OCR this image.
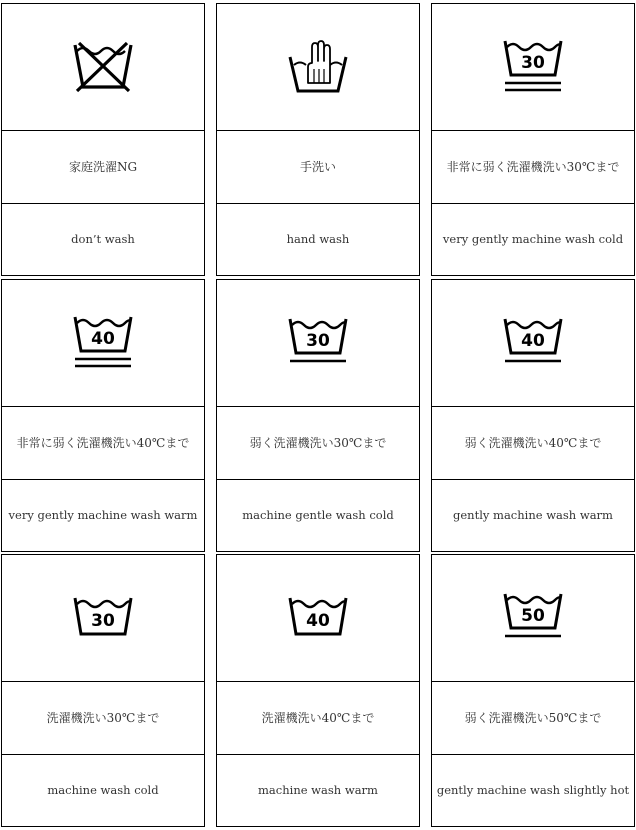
家庭洗濯NG
don’t wash
手洗い
hand wash
30
非常に弱く洗濯機洗い30℃まで
very gently machine wash cold
40
非常に弱く洗濯機洗い40℃まで
very gently machine wash warm
30
弱く洗濯機洗い30℃まで
machine gentle wash cold
40
弱く洗濯機洗い40℃まで
gently machine wash warm
30
洗濯機洗い30℃まで
machine wash cold
40
洗濯機洗い40℃まで
machine wash warm
50
弱く洗濯機洗い50℃まで
gently machine wash slightly hot
